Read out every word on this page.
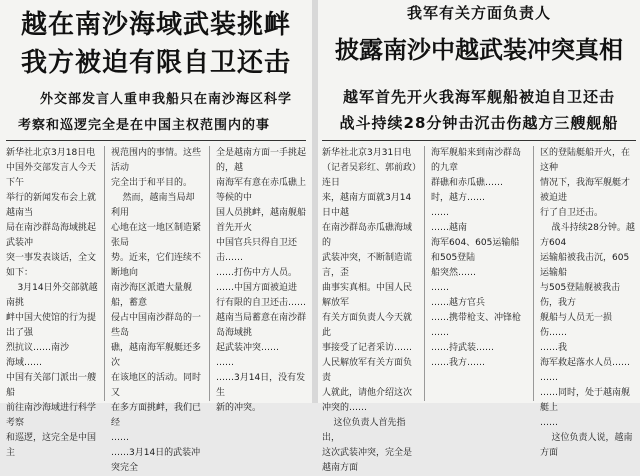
越在南沙海域武装挑衅
我方被迫有限自卫还击
外交部发言人重申我船只在南沙海区科学
考察和巡逻完全是在中国主权范围内的事
新华社北京3月18日电
中国外交部发言人今天下午
举行的新闻发布会上就越南当
局在南沙群岛海域挑起武装冲
突一事发表谈话，全文如下：
3月14日外交部就越南挑
衅中国大使馆的行为提出了强
烈抗议……南沙
海域……
中国有关部门派出一艘船
前往南沙海域进行科学考察
和巡逻，这完全是中国主
视范围内的事情。这些活动
完全出于和平目的。
然而，越南当局却利用
心地在这一地区制造紧张局
势。近来，它们连续不断地向
南沙海区派遣大量舰船，蓄意
侵占中国南沙群岛的一些岛
礁，越南海军舰艇还多次
在该地区的活动。同时又
在多方面挑衅，我们已经
……
……3月14日的武装冲突完全
全是越南方面一手挑起的，越
南海军有意在赤瓜礁上等候的中
国人员挑衅，越南舰船首先开火
中国官兵只得自卫还击……
……打伤中方人员。
……中国方面被迫进
行有限的自卫还击……
越南当局蓄意在南沙群岛海域挑
起武装冲突……
……
……3月14日，没有发生
新的冲突。
我军有关方面负责人
披露南沙中越武装冲突真相
越军首先开火我海军舰船被迫自卫还击
战斗持续28分钟击沉击伤越方三艘舰船
新华社北京3月31日电
（记者吴彩红、郭前政）连日
来，越南方面就3月14日中越
在南沙群岛赤瓜礁海域的
武装冲突，不断制造谎言，歪
曲事实真相。中国人民解放军
有关方面负责人今天就此
事接受了记者采访……
人民解放军有关方面负责
人就此，请他介绍这次
冲突的……
这位负责人首先指出，
这次武装冲突，完全是越南方面
海军舰船来到南沙群岛的九章
群礁和赤瓜礁……
时，越方……
……
……越南
海军604、605运输船和505登陆
船突然……
……
……越方官兵
……携带枪支、冲锋枪
……
……持武装……
……我方……
区的登陆艇船开火，在这种
情况下，我海军舰艇才被迫进
行了自卫还击。
战斗持续28分钟。越方604
运输船被我击沉，605运输船
与505登陆舰被我击伤，我方
舰船与人员无一损伤……
……我
海军救起落水人员……
……
……同时，处于越南舰艇上
……
这位负责人说，越南方面
